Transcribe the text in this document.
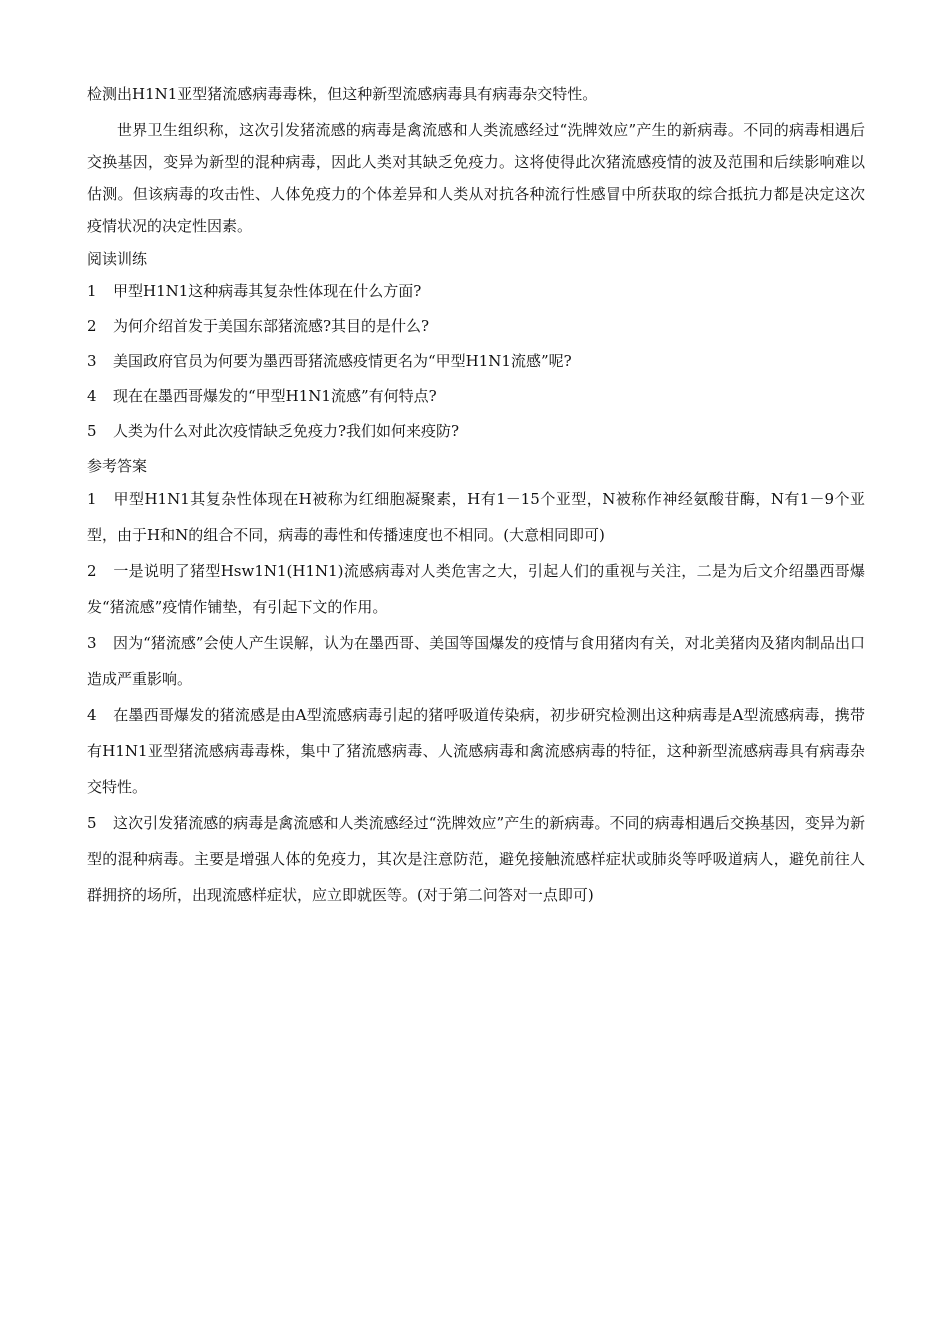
检测出H1N1亚型猪流感病毒毒株，但这种新型流感病毒具有病毒杂交特性。

世界卫生组织称，这次引发猪流感的病毒是禽流感和人类流感经过“洗牌效应”产生的新病毒。不同的病毒相遇后交换基因，变异为新型的混种病毒，因此人类对其缺乏免疫力。这将使得此次猪流感疫情的波及范围和后续影响难以估测。但该病毒的攻击性、人体免疫力的个体差异和人类从对抗各种流行性感冒中所获取的综合抵抗力都是决定这次疫情状况的决定性因素。

阅读训练

1 甲型H1N1这种病毒其复杂性体现在什么方面?

2 为何介绍首发于美国东部猪流感?其目的是什么?

3 美国政府官员为何要为墨西哥猪流感疫情更名为“甲型H1N1流感”呢?

4 现在在墨西哥爆发的“甲型H1N1流感”有何特点?

5 人类为什么对此次疫情缺乏免疫力?我们如何来疫防?

参考答案

1 甲型H1N1其复杂性体现在H被称为红细胞凝聚素，H有1－15个亚型，N被称作神经氨酸苷酶，N有1－9个亚型，由于H和N的组合不同，病毒的毒性和传播速度也不相同。(大意相同即可)

2 一是说明了猪型Hsw1N1(H1N1)流感病毒对人类危害之大，引起人们的重视与关注，二是为后文介绍墨西哥爆发“猪流感”疫情作铺垫，有引起下文的作用。

3 因为“猪流感”会使人产生误解，认为在墨西哥、美国等国爆发的疫情与食用猪肉有关，对北美猪肉及猪肉制品出口造成严重影响。

4 在墨西哥爆发的猪流感是由A型流感病毒引起的猪呼吸道传染病，初步研究检测出这种病毒是A型流感病毒，携带有H1N1亚型猪流感病毒毒株，集中了猪流感病毒、人流感病毒和禽流感病毒的特征，这种新型流感病毒具有病毒杂交特性。

5 这次引发猪流感的病毒是禽流感和人类流感经过“洗牌效应”产生的新病毒。不同的病毒相遇后交换基因，变异为新型的混种病毒。主要是增强人体的免疫力，其次是注意防范，避免接触流感样症状或肺炎等呼吸道病人，避免前往人群拥挤的场所，出现流感样症状，应立即就医等。(对于第二问答对一点即可)
